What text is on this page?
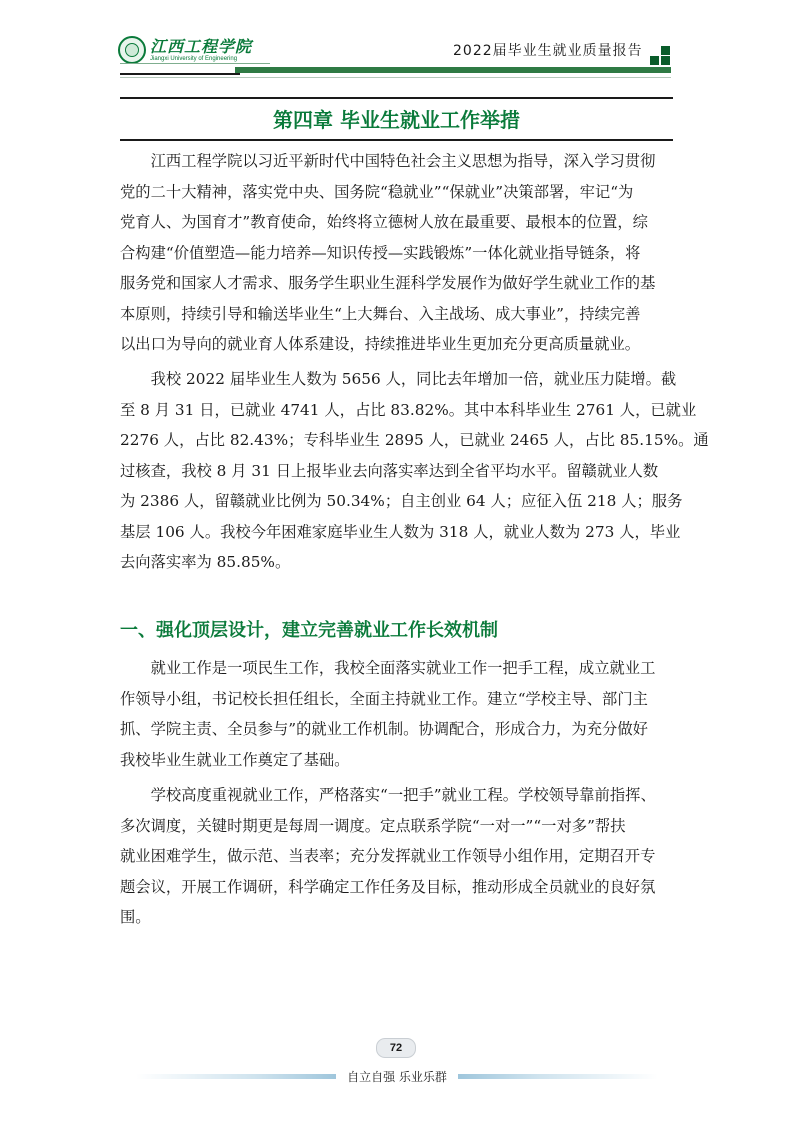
江西工程学院
Jiangxi University of Engineering	2022届毕业生就业质量报告
第四章 毕业生就业工作举措
江西工程学院以习近平新时代中国特色社会主义思想为指导，深入学习贯彻
党的二十大精神，落实党中央、国务院“稳就业”“保就业”决策部署，牢记“为
党育人、为国育才”教育使命，始终将立德树人放在最重要、最根本的位置，综
合构建“价值塑造—能力培养—知识传授—实践锻炼”一体化就业指导链条，将
服务党和国家人才需求、服务学生职业生涯科学发展作为做好学生就业工作的基
本原则，持续引导和输送毕业生“上大舞台、入主战场、成大事业”，持续完善
以出口为导向的就业育人体系建设，持续推进毕业生更加充分更高质量就业。
我校 2022 届毕业生人数为 5656 人，同比去年增加一倍，就业压力陡增。截
至 8 月 31 日，已就业 4741 人，占比 83.82%。其中本科毕业生 2761 人，已就业
2276 人，占比 82.43%；专科毕业生 2895 人，已就业 2465 人，占比 85.15%。通
过核查，我校 8 月 31 日上报毕业去向落实率达到全省平均水平。留赣就业人数
为 2386 人，留赣就业比例为 50.34%；自主创业 64 人；应征入伍 218 人；服务
基层 106 人。我校今年困难家庭毕业生人数为 318 人，就业人数为 273 人，毕业
去向落实率为 85.85%。
一、强化顶层设计，建立完善就业工作长效机制
就业工作是一项民生工作，我校全面落实就业工作一把手工程，成立就业工
作领导小组，书记校长担任组长，全面主持就业工作。建立“学校主导、部门主
抓、学院主责、全员参与”的就业工作机制。协调配合，形成合力，为充分做好
我校毕业生就业工作奠定了基础。
学校高度重视就业工作，严格落实“一把手”就业工程。学校领导靠前指挥、
多次调度，关键时期更是每周一调度。定点联系学院“一对一”“一对多”帮扶
就业困难学生，做示范、当表率；充分发挥就业工作领导小组作用，定期召开专
题会议，开展工作调研，科学确定工作任务及目标，推动形成全员就业的良好氛
围。
72
自立自强 乐业乐群
